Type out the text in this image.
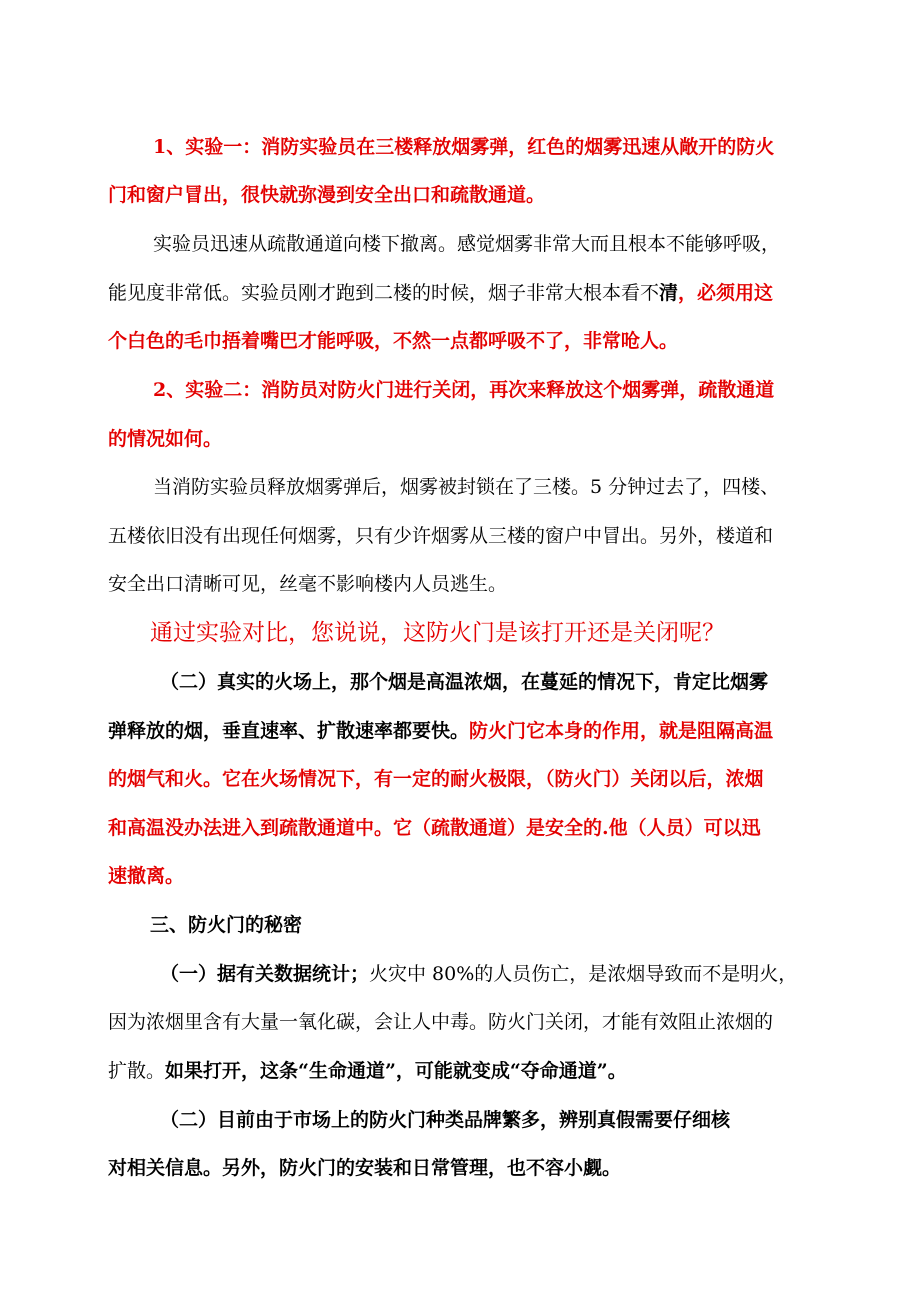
1、实验一：消防实验员在三楼释放烟雾弹，红色的烟雾迅速从敞开的防火
门和窗户冒出，很快就弥漫到安全出口和疏散通道。
实验员迅速从疏散通道向楼下撤离。感觉烟雾非常大而且根本不能够呼吸，
能见度非常低。实验员刚才跑到二楼的时候，烟子非常大根本看不清，必须用这
个白色的毛巾捂着嘴巴才能呼吸，不然一点都呼吸不了，非常呛人。
2、实验二：消防员对防火门进行关闭，再次来释放这个烟雾弹，疏散通道
的情况如何。
当消防实验员释放烟雾弹后，烟雾被封锁在了三楼。5 分钟过去了，四楼、
五楼依旧没有出现任何烟雾，只有少许烟雾从三楼的窗户中冒出。另外，楼道和
安全出口清晰可见，丝毫不影响楼内人员逃生。
通过实验对比，您说说，这防火门是该打开还是关闭呢？
（二）真实的火场上，那个烟是高温浓烟，在蔓延的情况下，肯定比烟雾
弹释放的烟，垂直速率、扩散速率都要快。防火门它本身的作用，就是阻隔高温
的烟气和火。它在火场情况下，有一定的耐火极限，（防火门）关闭以后，浓烟
和高温没办法进入到疏散通道中。它（疏散通道）是安全的.他（人员）可以迅
速撤离。
三、防火门的秘密
（一）据有关数据统计；火灾中 80%的人员伤亡，是浓烟导致而不是明火，
因为浓烟里含有大量一氧化碳，会让人中毒。防火门关闭，才能有效阻止浓烟的
扩散。如果打开，这条“生命通道”，可能就变成“夺命通道”。
（二）目前由于市场上的防火门种类品牌繁多，辨别真假需要仔细核
对相关信息。另外，防火门的安装和日常管理，也不容小觑。
